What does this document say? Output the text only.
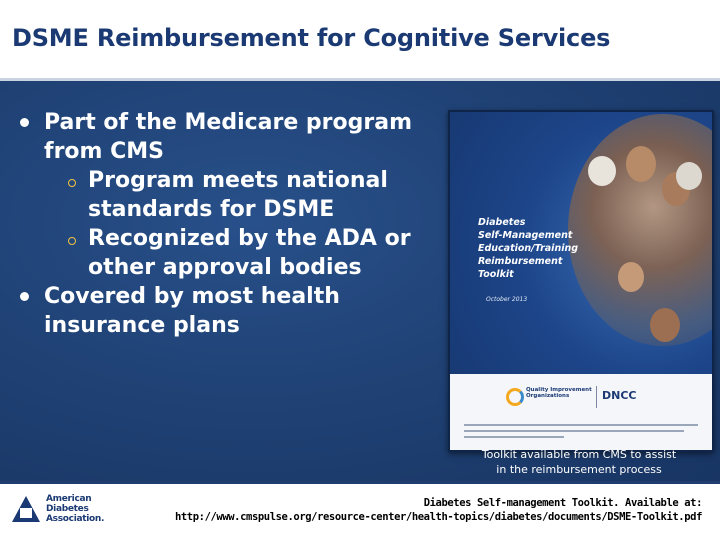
DSME Reimbursement for Cognitive Services

Part of the Medicare program
from CMS

Program meets national
standards for DSME

Recognized by the ADA or
other approval bodies

Covered by most health
insurance plans

Diabetes
Self-Management
Education/Training
Reimbursement
Toolkit
October 2013
Quality Improvement
Organizations	DNCC
Toolkit available from CMS to assist
in the reimbursement process
American
Diabetes
Association.
Diabetes Self-management Toolkit. Available at:
http://www.cmspulse.org/resource-center/health-topics/diabetes/documents/DSME-Toolkit.pdf
